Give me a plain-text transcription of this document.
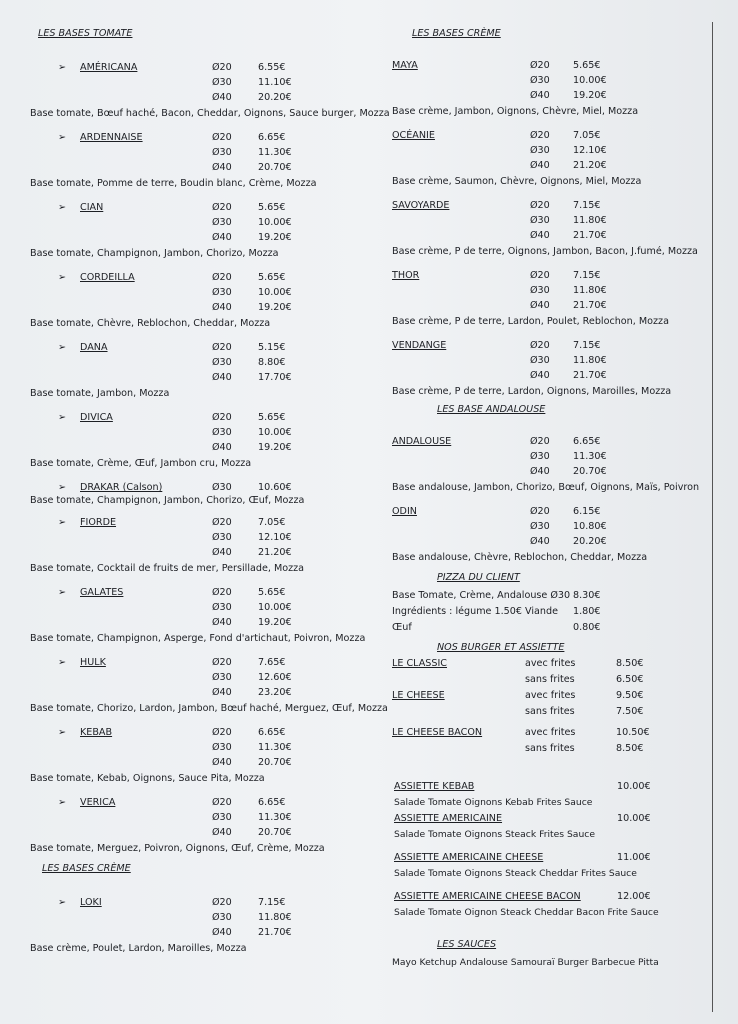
LES BASES TOMATE
➢ AMÉRICANA	Ø20	6.55€
Ø30	11.10€
Ø40	20.20€
Base tomate, Bœuf haché, Bacon, Cheddar, Oignons, Sauce burger, Mozza
➢ ARDENNAISE	Ø20	6.65€
Ø30	11.30€
Ø40	20.70€
Base tomate, Pomme de terre, Boudin blanc, Crème, Mozza
➢ CIAN	Ø20	5.65€
Ø30	10.00€
Ø40	19.20€
Base tomate, Champignon, Jambon, Chorizo, Mozza
➢ CORDEILLA	Ø20	5.65€
Ø30	10.00€
Ø40	19.20€
Base tomate, Chèvre, Reblochon, Cheddar, Mozza
➢ DANA	Ø20	5.15€
Ø30	8.80€
Ø40	17.70€
Base tomate, Jambon, Mozza
➢ DIVICA	Ø20	5.65€
Ø30	10.00€
Ø40	19.20€
Base tomate, Crème, Œuf, Jambon cru, Mozza
➢ DRAKAR (Calson)	Ø30	10.60€
Base tomate, Champignon, Jambon, Chorizo, Œuf, Mozza
➢ FIORDE	Ø20	7.05€
Ø30	12.10€
Ø40	21.20€
Base tomate, Cocktail de fruits de mer, Persillade, Mozza
➢ GALATES	Ø20	5.65€
Ø30	10.00€
Ø40	19.20€
Base tomate, Champignon, Asperge, Fond d'artichaut, Poivron, Mozza
➢ HULK	Ø20	7.65€
Ø30	12.60€
Ø40	23.20€
Base tomate, Chorizo, Lardon, Jambon, Bœuf haché, Merguez, Œuf, Mozza
➢ KEBAB	Ø20	6.65€
Ø30	11.30€
Ø40	20.70€
Base tomate, Kebab, Oignons, Sauce Pita, Mozza
➢ VERICA	Ø20	6.65€
Ø30	11.30€
Ø40	20.70€
Base tomate, Merguez, Poivron, Oignons, Œuf, Crème, Mozza
LES BASES CRÈME
➢ LOKI	Ø20	7.15€
Ø30	11.80€
Ø40	21.70€
Base crème, Poulet, Lardon, Maroilles, Mozza
LES BASES CRÈME
MAYA	Ø20 5.65€
Ø30 10.00€
Ø40 19.20€
Base crème, Jambon, Oignons, Chèvre, Miel, Mozza
OCÉANIE	Ø20 7.05€
Ø30 12.10€
Ø40 21.20€
Base crème, Saumon, Chèvre, Oignons, Miel, Mozza
SAVOYARDE	Ø20 7.15€
Ø30 11.80€
Ø40 21.70€
Base crème, P de terre, Oignons, Jambon, Bacon, J.fumé, Mozza
THOR	Ø20 7.15€
Ø30 11.80€
Ø40 21.70€
Base crème, P de terre, Lardon, Poulet, Reblochon, Mozza
VENDANGE	Ø20 7.15€
Ø30 11.80€
Ø40 21.70€
Base crème, P de terre, Lardon, Oignons, Maroilles, Mozza
LES BASE ANDALOUSE
ANDALOUSE	Ø20 6.65€
Ø30 11.30€
Ø40 20.70€
Base andalouse, Jambon, Chorizo, Bœuf, Oignons, Maïs, Poivron
ODIN	Ø20 6.15€
Ø30 10.80€
Ø40 20.20€
Base andalouse, Chèvre, Reblochon, Cheddar, Mozza
PIZZA DU CLIENT
Base Tomate, Crème, Andalouse Ø30 8.30€
Ingrédients : légume 1.50€ Viande 1.80€
Œuf	0.80€
NOS BURGER ET ASSIETTE
LE CLASSIC	avec frites	8.50€
sans frites	6.50€
LE CHEESE	avec frites	9.50€
sans frites	7.50€
LE CHEESE BACON	avec frites	10.50€
sans frites	8.50€
ASSIETTE KEBAB	10.00€
Salade Tomate Oignons Kebab Frites Sauce
ASSIETTE AMERICAINE	10.00€
Salade Tomate Oignons Steack Frites Sauce
ASSIETTE AMERICAINE CHEESE	11.00€
Salade Tomate Oignons Steack Cheddar Frites Sauce
ASSIETTE AMERICAINE CHEESE BACON	12.00€
Salade Tomate Oignon Steack Cheddar Bacon Frite Sauce
LES SAUCES
Mayo Ketchup Andalouse Samouraï Burger Barbecue Pitta
